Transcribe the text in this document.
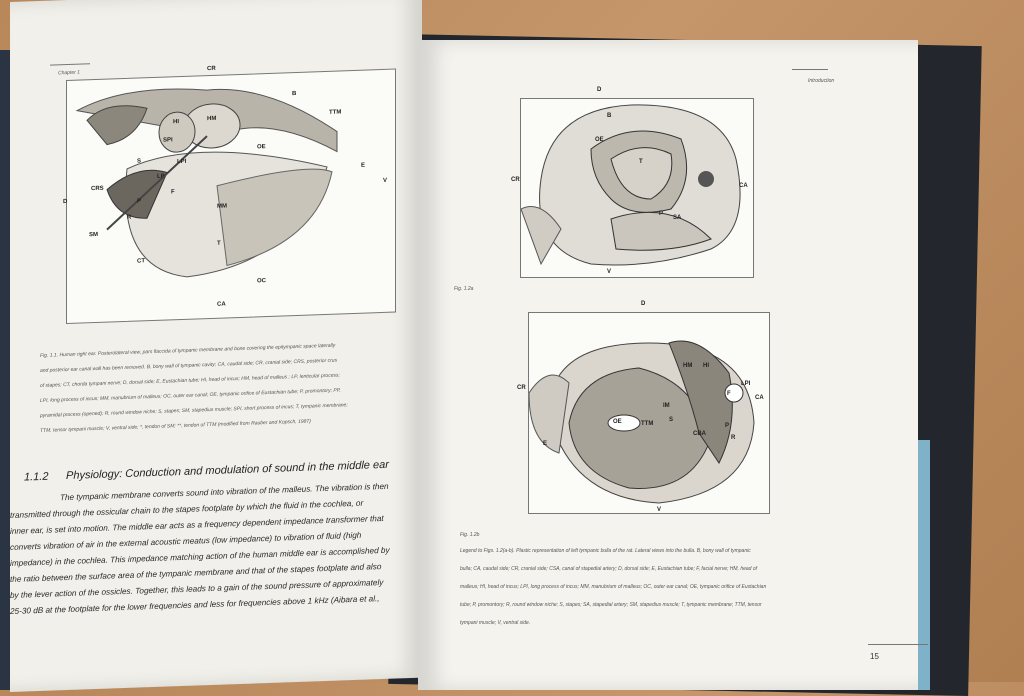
Chapter 1

CR
B
TTM
HI
HM
OE
SPI
LPI
S
CRS
LP
MM
SM
T
OC
CT
CA
D
V
E
F
P
R

Fig. 1.1. Human right ear. Posterolateral view, pars flaccida of tympanic membrane and bone covering the epitympanic space laterally

and posterior ear canal wall has been removed. B, bony wall of tympanic cavity; CA, caudal side; CR, cranial side; CRS, posterior crus

of stapes; CT, chorda tympani nerve; D, dorsal side; E, Eustachian tube; HI, head of incus; HM, head of malleus ; LP, lenticular process;

LPI, long process of incus; MM, manubrium of malleus; OC, outer ear canal; OE, tympanic orifice of Eustachian tube; P, promontory; PP,

pyramidal process (opened); R, round window niche; S, stapes; SM, stapedius muscle; SPI, short process of incus; T, tympanic membrane;

TTM, tensor tympani muscle; V, ventral side; *, tendon of SM; **, tendon of TTM (modified from Rauber and Kopsch, 1987)

1.1.2 Physiology: Conduction and modulation of sound in the middle ear

The tympanic membrane converts sound into vibration of the malleus. The vibration is then

transmitted through the ossicular chain to the stapes footplate by which the fluid in the cochlea, or

inner ear, is set into motion. The middle ear acts as a frequency dependent impedance transformer that

converts vibration of air in the external acoustic meatus (low impedance) to vibration of fluid (high

impedance) in the cochlea. This impedance matching action of the human middle ear is accomplished by

the ratio between the surface area of the tympanic membrane and that of the stapes footplate and also

by the lever action of the ossicles. Together, this leads to a gain of the sound pressure of approximately

25-30 dB at the footplate for the lower frequencies and less for frequencies above 1 kHz (Aibara et al.,

Introduction

D
B
OE
T
CR
CA
P
SA
V

Fig. 1.2a

D
CR
HM HI
LPI
F
CA
IM
TTM
S
CBA
OE
E
P
R
V

Fig. 1.2b

Legend to Figs. 1.2(a-b). Plastic representation of left tympanic bulla of the rat. Lateral views into the bulla. B, bony wall of tympanic

bulla; CA, caudal side; CR, cranial side; CSA, canal of stapedial artery; D, dorsal side; E, Eustachian tube; F, facial nerve; HM, head of

malleus; HI, head of incus; LPI, long process of incus; MM, manubrium of malleus; OC, outer ear canal; OE, tympanic orifice of Eustachian

tube; P, promontory; R, round window niche; S, stapes; SA, stapedial artery; SM, stapedius muscle; T, tympanic membrane; TTM, tensor

tympani muscle; V, ventral side.

15
